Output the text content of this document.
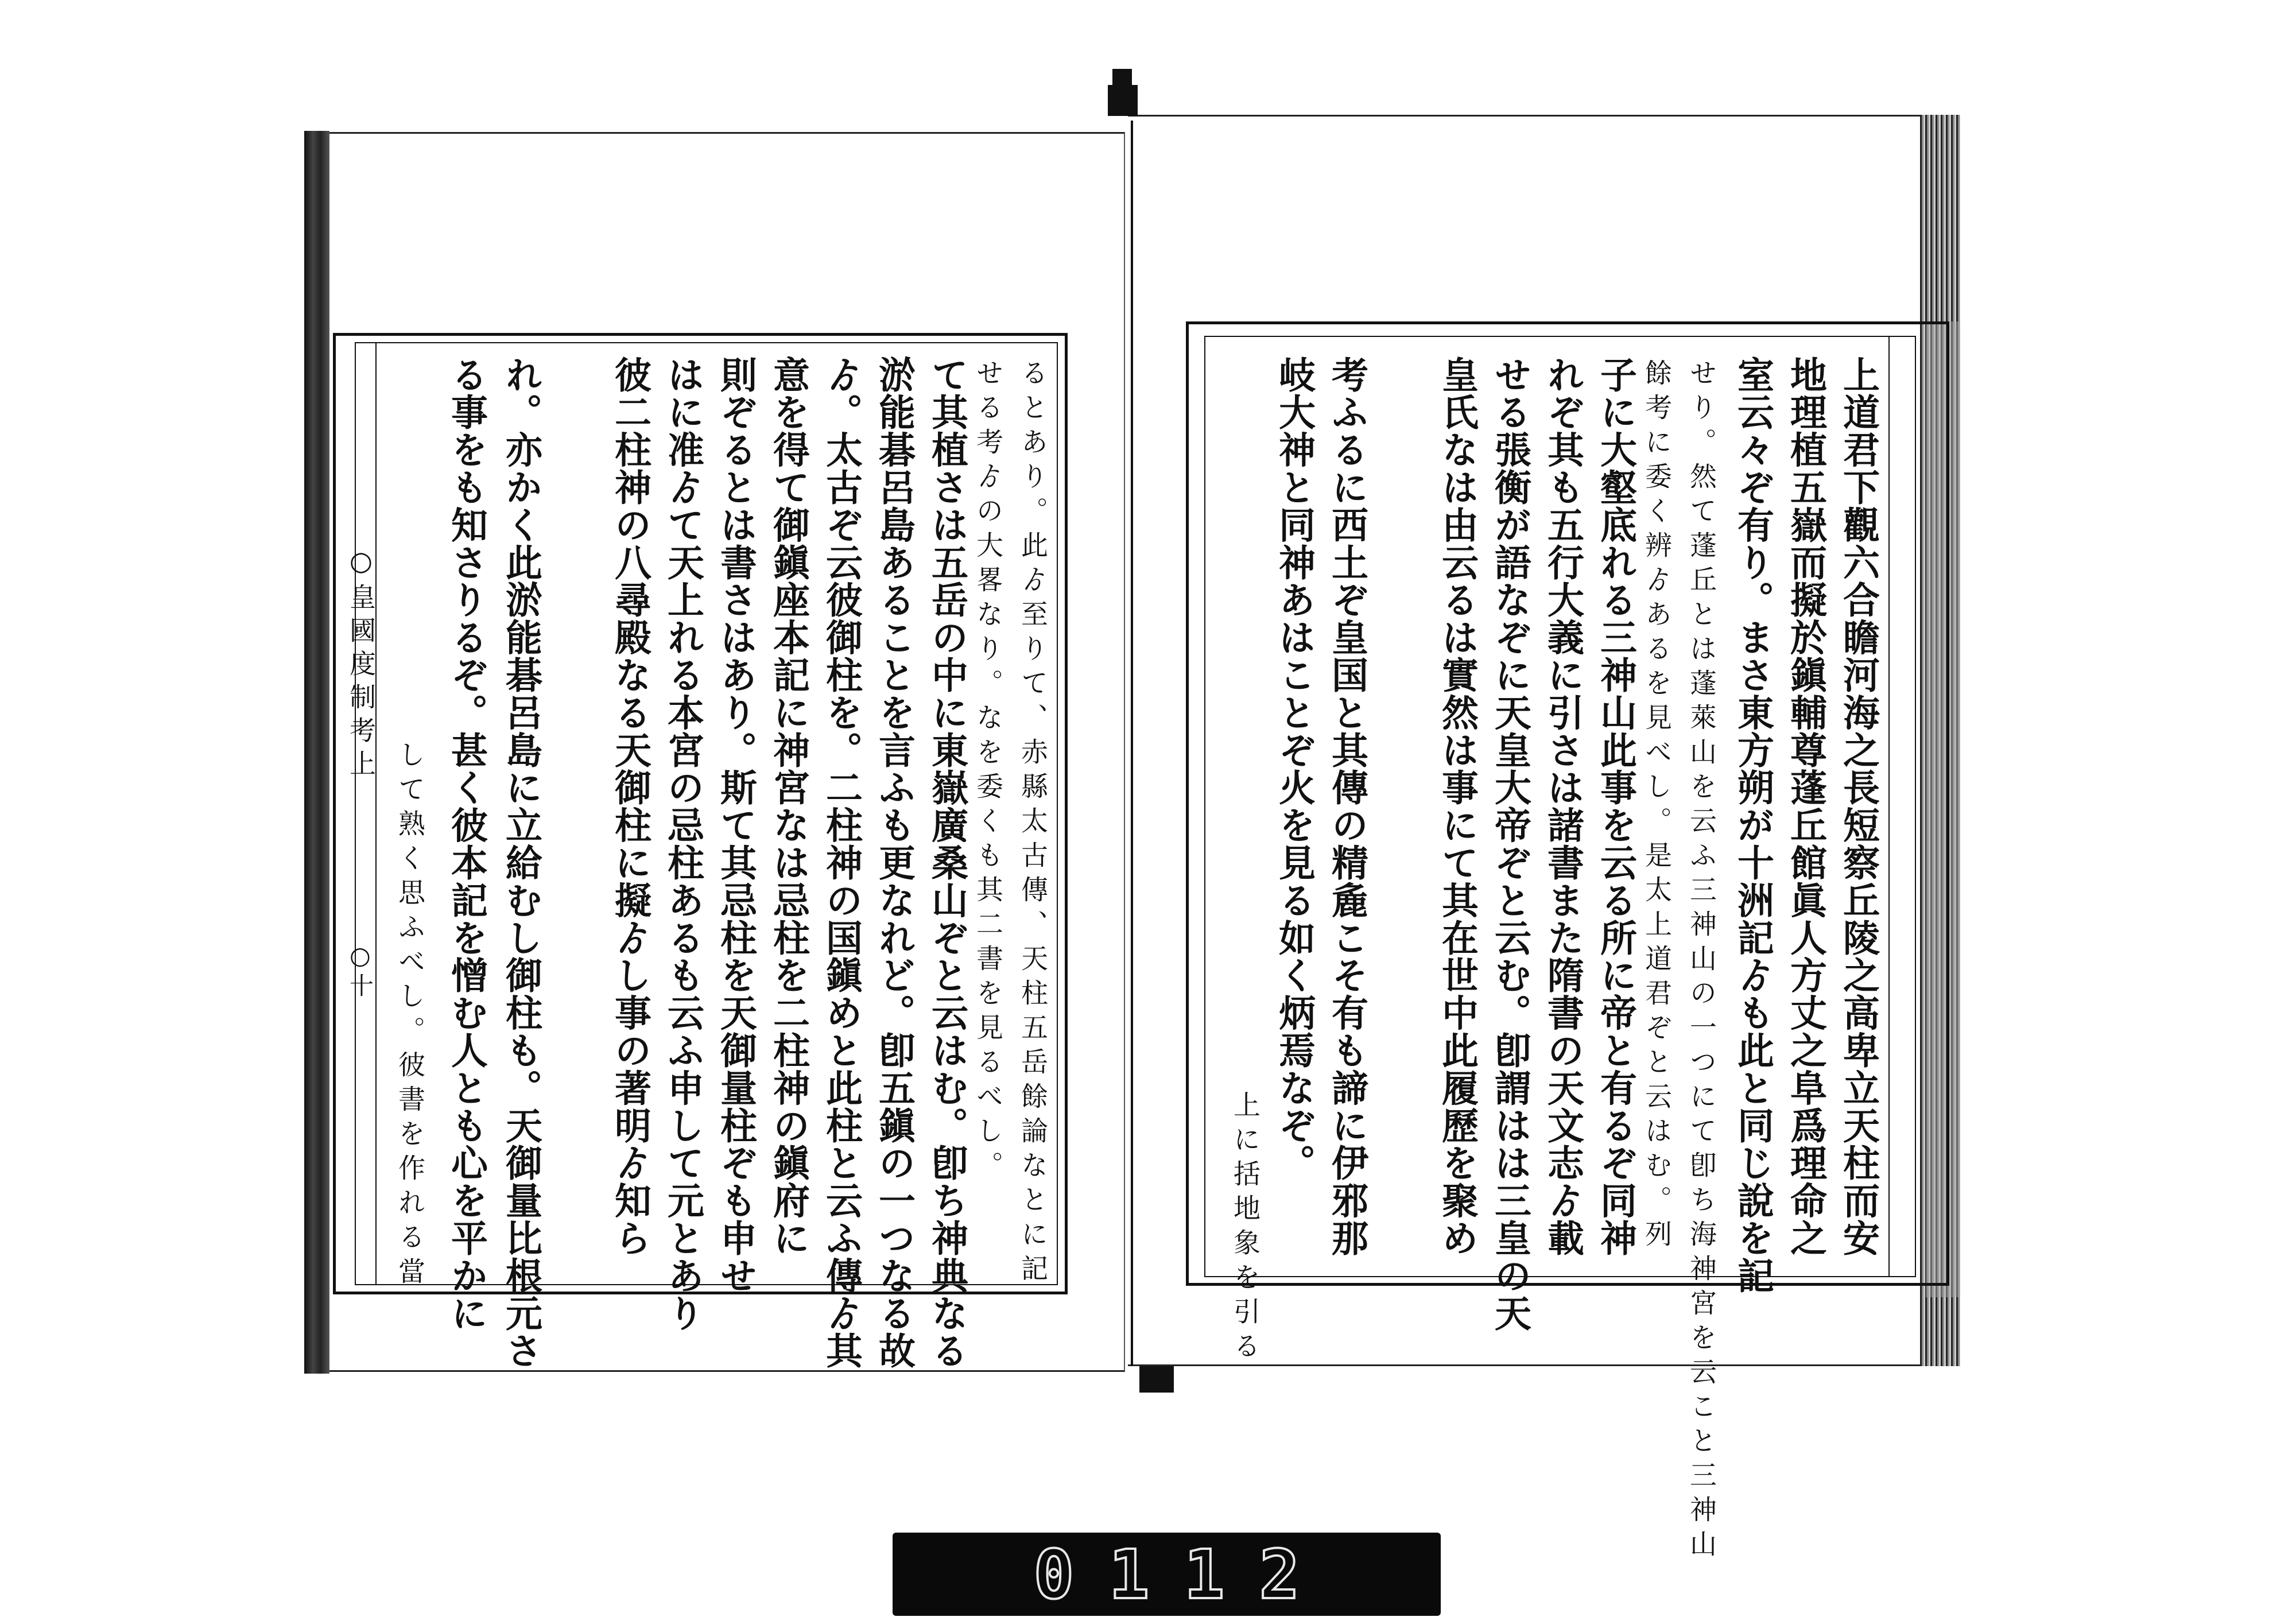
○皇國度制考上
○十	るとあり。此ゟ至りて、赤縣太古傳、天柱五岳餘論なとに記
せる考ゟの大畧なり。なを委くも其二書を見るべし。
て其植さは五岳の中に東嶽廣桑山ぞと云はむ。卽ち神典なる
淤能碁呂島あることを言ふも更なれど。卽五鎭の一つなる故
ゟ。太古ぞ云彼御柱を。二柱神の国鎭めと此柱と云ふ傳ゟ其
意を得て御鎭座本記に神宮なは忌柱を二柱神の鎭府に
則ぞるとは書さはあり。斯て其忌柱を天御量柱ぞも申せ
はに准ゟて天上れる本宮の忌柱あるも云ふ申して元とあり
彼二柱神の八尋殿なる天御柱に擬ゟし事の著明ゟ知ら
れ。亦かく此淤能碁呂島に立給むし御柱も。天御量比根元さ
る事をも知さりるぞ。甚く彼本記を憎む人とも心を平かに
して熟く思ふべし。彼書を作れる當	上道君下觀六合瞻河海之長短察丘陵之高卑立天柱而安
地理植五嶽而擬於鎭輔尊蓬丘館眞人方丈之阜爲理命之
室云々ぞ有り。まさ東方朔が十洲記ゟも此と同じ說を記
せり。然て蓬丘とは蓬萊山を云ふ三神山の一つにて卽ち海神宮を云こと三神山
餘考に委く辨ゟあるを見べし。是太上道君ぞと云はむ。列
子に大壑底れる三神山此事を云る所に帝と有るぞ同神
れぞ其も五行大義に引さは諸書また隋書の天文志ゟ載
せる張衡が語なぞに天皇大帝ぞと云む。卽謂はは三皇の天
皇氏なは由云るは實然は事にて其在世中此履歷を聚め
考ふるに西土ぞ皇国と其傳の精麁こそ有も諦に伊邪那
岐大神と同神あはことぞ火を見る如く炳焉なぞ。
上に括地象を引る
0112
